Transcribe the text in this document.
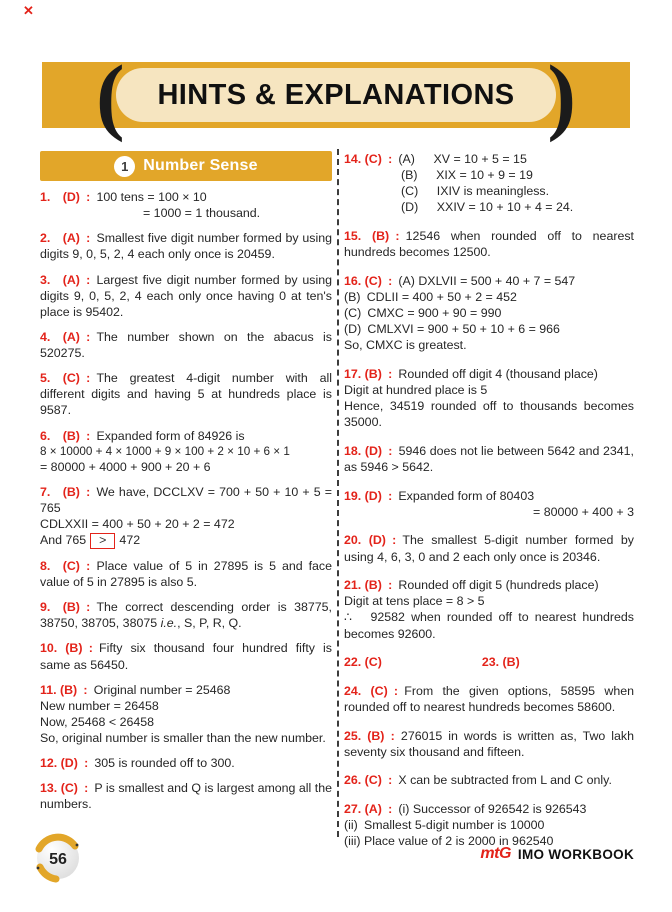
✕
( HINTS & EXPLANATIONS )
1 Number Sense

1.  (D) : 100 tens = 100 × 10

= 1000 = 1 thousand.

2.  (A) : Smallest five digit number formed by using digits 9, 0, 5, 2, 4 each only once is 20459.

3.  (A) : Largest five digit number formed by using digits 9, 0, 5, 2, 4 each only once having 0 at ten's place is 95402.

4.  (A) : The number shown on the abacus is 520275.

5.  (C) : The greatest 4-digit number with all different digits and having 5 at hundreds place is 9587.

6.  (B) : Expanded form of 84926 is

8 × 10000 + 4 × 1000 + 9 × 100 + 2 × 10 + 6 × 1

= 80000 + 4000 + 900 + 20 + 6

7.  (B) : We have, DCCLXV = 700 + 50 + 10 + 5 = 765

CDLXXII = 400 + 50 + 20 + 2 = 472

And 765 > 472

8.  (C) : Place value of 5 in 27895 is 5 and face value of 5 in 27895 is also 5.

9.  (B) : The correct descending order is 38775, 38750, 38705, 38075 i.e., S, P, R, Q.

10. (B) : Fifty six thousand four hundred fifty is same as 56450.

11. (B) : Original number = 25468

New number = 26458

Now, 25468 < 26458

So, original number is smaller than the new number.

12. (D) : 305 is rounded off to 300.

13. (C) : P is smallest and Q is largest among all the numbers.

14. (C) : (A)  XV = 10 + 5 = 15

(B)  XIX = 10 + 9 = 19

(C)  IXIV is meaningless.

(D)  XXIV = 10 + 10 + 4 = 24.

15. (B) : 12546 when rounded off to nearest hundreds becomes 12500.

16. (C) : (A) DXLVII = 500 + 40 + 7 = 547

(B) CDLII = 400 + 50 + 2 = 452

(C) CMXC = 900 + 90 = 990

(D) CMLXVI = 900 + 50 + 10 + 6 = 966

So, CMXC is greatest.

17. (B) : Rounded off digit 4 (thousand place)

Digit at hundred place is 5

Hence, 34519 rounded off to thousands becomes 35000.

18. (D) : 5946 does not lie between 5642 and 2341, as 5946 > 5642.

19. (D) : Expanded form of 80403

= 80000 + 400 + 3

20. (D) : The smallest 5-digit number formed by using 4, 6, 3, 0 and 2 each only once is 20346.

21. (B) : Rounded off digit 5 (hundreds place)

Digit at tens place = 8 > 5

∴  92582 when rounded off to nearest hundreds becomes 92600.

22. (C)	23. (B)

24. (C) : From the given options, 58595 when rounded off to nearest hundreds becomes 58600.

25. (B) : 276015 in words is written as, Two lakh seventy six thousand and fifteen.

26. (C) : X can be subtracted from L and C only.

27. (A) : (i) Successor of 926542 is 926543

(ii) Smallest 5-digit number is 10000

(iii) Place value of 2 is 2000 in 962540

56	mtG IMO WORKBOOK
